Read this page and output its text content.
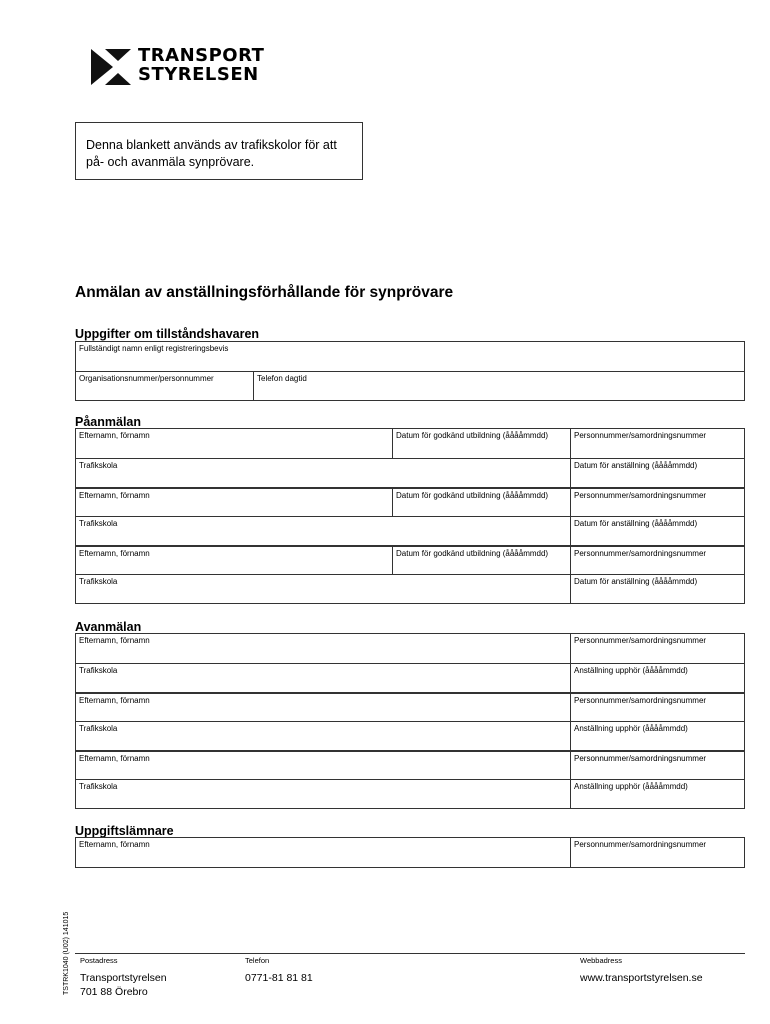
TRANSPORT
STYRELSEN
Denna blankett används av trafikskolor för att
på- och avanmäla synprövare.
Anmälan av anställningsförhållande för synprövare
Uppgifter om tillståndshavaren
Fullständigt namn enligt registreringsbevis
Organisationsnummer/personnummer	Telefon dagtid
Påanmälan
Efternamn, förnamn	Datum för godkänd utbildning (ååååmmdd)	Personnummer/samordningsnummer
Trafikskola	Datum för anställning (ååååmmdd)
Efternamn, förnamn	Datum för godkänd utbildning (ååååmmdd)	Personnummer/samordningsnummer
Trafikskola	Datum för anställning (ååååmmdd)
Efternamn, förnamn	Datum för godkänd utbildning (ååååmmdd)	Personnummer/samordningsnummer
Trafikskola	Datum för anställning (ååååmmdd)
Avanmälan
Efternamn, förnamn	Personnummer/samordningsnummer
Trafikskola	Anställning upphör (ååååmmdd)
Efternamn, förnamn	Personnummer/samordningsnummer
Trafikskola	Anställning upphör (ååååmmdd)
Efternamn, förnamn	Personnummer/samordningsnummer
Trafikskola	Anställning upphör (ååååmmdd)
Uppgiftslämnare
Efternamn, förnamn	Personnummer/samordningsnummer
TSTRK1040 (U02) 141015 Postadress	Telefon	Webbadress
Transportstyrelsen
701 88 Örebro
0771-81 81 81	www.transportstyrelsen.se
